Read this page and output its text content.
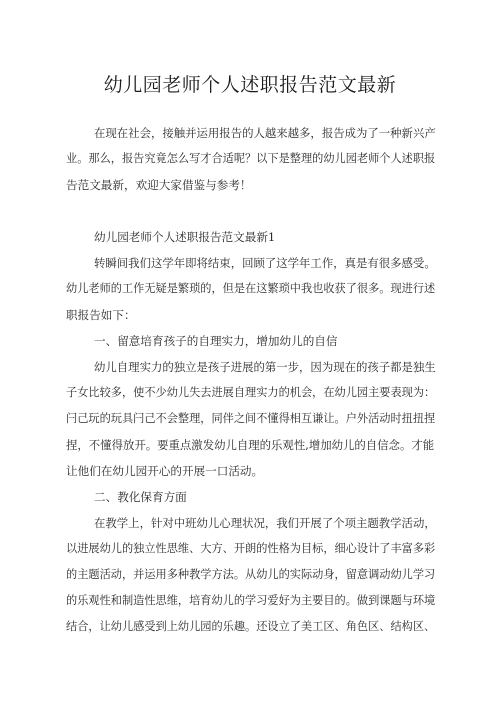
幼儿园老师个人述职报告范文最新
在现在社会，接触并运用报告的人越来越多，报告成为了一种新兴产
业。那么，报告究竟怎么写才合适呢？以下是整理的幼儿园老师个人述职报
告范文最新，欢迎大家借鉴与参考！
幼儿园老师个人述职报告范文最新1
转瞬间我们这学年即将结束，回顾了这学年工作，真是有很多感受。
幼儿老师的工作无疑是繁琐的，但是在这繁琐中我也收获了很多。现进行述
职报告如下：
一、留意培育孩子的自理实力，增加幼儿的自信
幼儿自理实力的独立是孩子进展的第一步，因为现在的孩子都是独生
子女比较多，使不少幼儿失去进展自理实力的机会，在幼儿园主要表现为：
闩己玩的玩具闩己不会整理，同伴之间不懂得相互谦让。户外活动时扭扭捏
捏，不懂得放开。要重点激发幼儿自理的乐观性,增加幼儿的自信念。才能
让他们在幼儿园开心的开展一口活动。
二、教化保育方面
在教学上，针对中班幼儿心理状况，我们开展了个项主题教学活动，
以进展幼儿的独立性思维、大方、开朗的性格为目标，细心设计了丰富多彩
的主题活动，并运用多种教学方法。从幼儿的实际动身，留意调动幼儿学习
的乐观性和制造性思维，培育幼儿的学习爱好为主要目的。做到课题与环境
结合，让幼儿感受到上幼儿园的乐趣。还设立了美工区、角色区、结构区、
